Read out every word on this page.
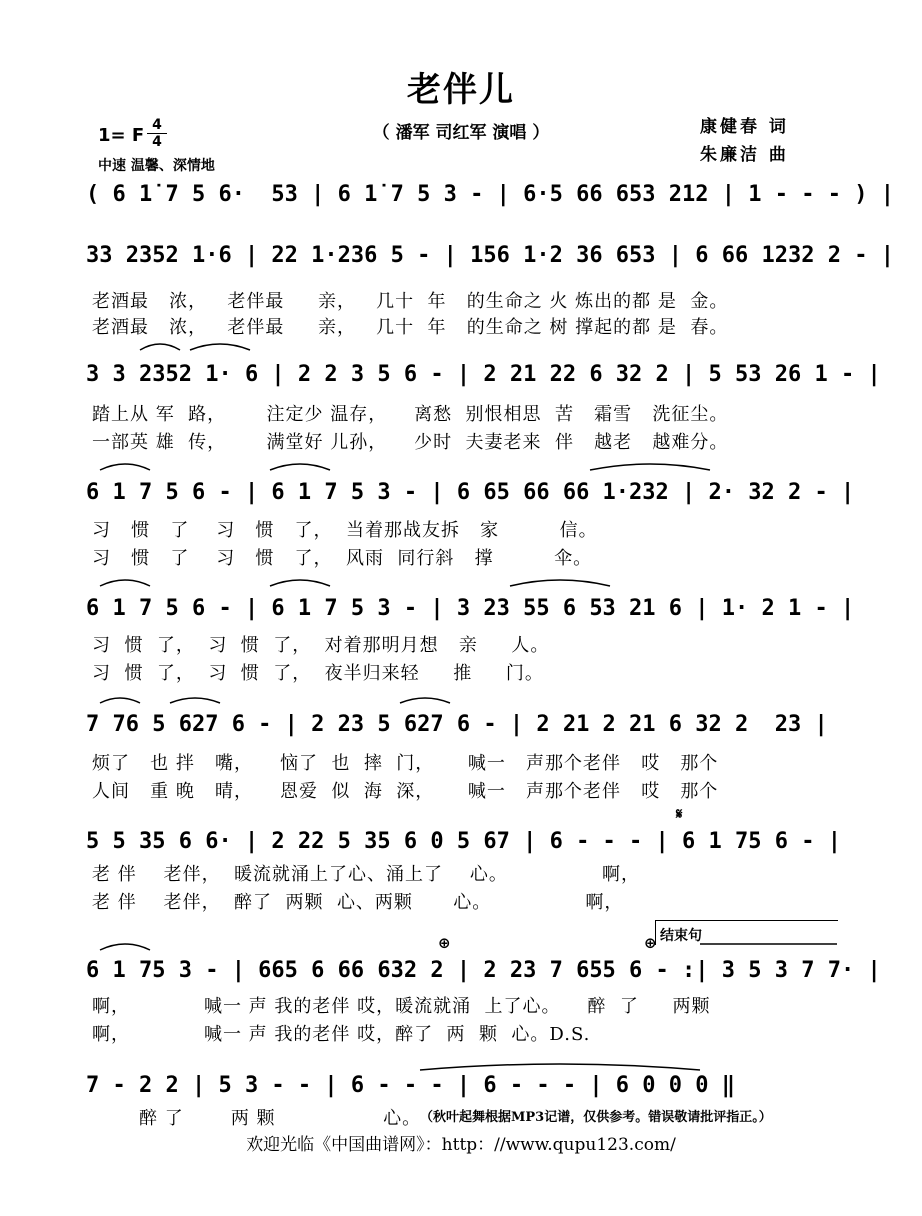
老伴儿
（ 潘军 司红军 演唱 ）	康健春 词
朱廉洁 曲
1= F 4
4
中速 温馨、深情地
( 6 1̇ 7 5 6·  53 | 6 1̇ 7 5 3 - | 6·5 66 653 212 | 1 - - - ) |
33 2352 1·6 | 22 1·236 5 - | 156 1·2 36 653 | 6 66 1232 2 - |
老酒最   浓，   老伴最     亲，   几十  年   的生命之 火 炼出的都 是  金。
老酒最   浓，   老伴最     亲，   几十  年   的生命之 树 撑起的都 是  春。
3 3 2352 1· 6 | 2 2 3 5 6 - | 2 21 22 6 32 2 | 5 53 26 1 - |
踏上从 军  路，      注定少 温存，    离愁  别恨相思  苦   霜雪   洗征尘。
一部英 雄  传，      满堂好 儿孙，    少时  夫妻老来  伴   越老   越难分。
6 1 7 5 6 - | 6 1 7 5 3 - | 6 65 66 66 1·232 | 2· 32 2 - |
习   惯   了    习   惯   了，  当着那战友拆   家         信。
习   惯   了    习   惯   了，  风雨  同行斜   撑         伞。
6 1 7 5 6 - | 6 1 7 5 3 - | 3 23 55 6 53 21 6 | 1· 2 1 - |
习  惯  了，  习  惯  了，  对着那明月想   亲     人。
习  惯  了，  习  惯  了，  夜半归来轻     推     门。
7 76 5 627 6 - | 2 23 5 627 6 - | 2 21 2 21 6 32 2  23 |
烦了   也 拌   嘴，    恼了  也  摔  门，     喊一   声那个老伴   哎   那个
人间   重 晚   晴，    恩爱  似  海  深，     喊一   声那个老伴   哎   那个
5 5 35 6 6· | 2 22 5 35 6 0 5 67 | 6 - - - | 6 1 75 6 - |
老 伴    老伴，  暖流就涌上了心、涌上了    心。              啊，
老 伴    老伴，  醉了  两颗  心、两颗      心。              啊，
𝄋
结束句
⊕	⊕
6 1 75 3 - | 665 6 66 632 2 | 2 23 7 655 6 - :| 3 5 3 7 7· |
啊，           喊一 声 我的老伴 哎，暖流就涌  上了心。    醉  了     两颗
啊，           喊一 声 我的老伴 哎，醉了  两  颗  心。D.S.
7 - 2 2 | 5 3 - - | 6 - - - | 6 - - - | 6 0 0 0 ‖
醉 了       两 颗                心。
（秋叶起舞根据MP3记谱，仅供参考。错误敬请批评指正。）
欢迎光临《中国曲谱网》：http：//www.qupu123.com/
